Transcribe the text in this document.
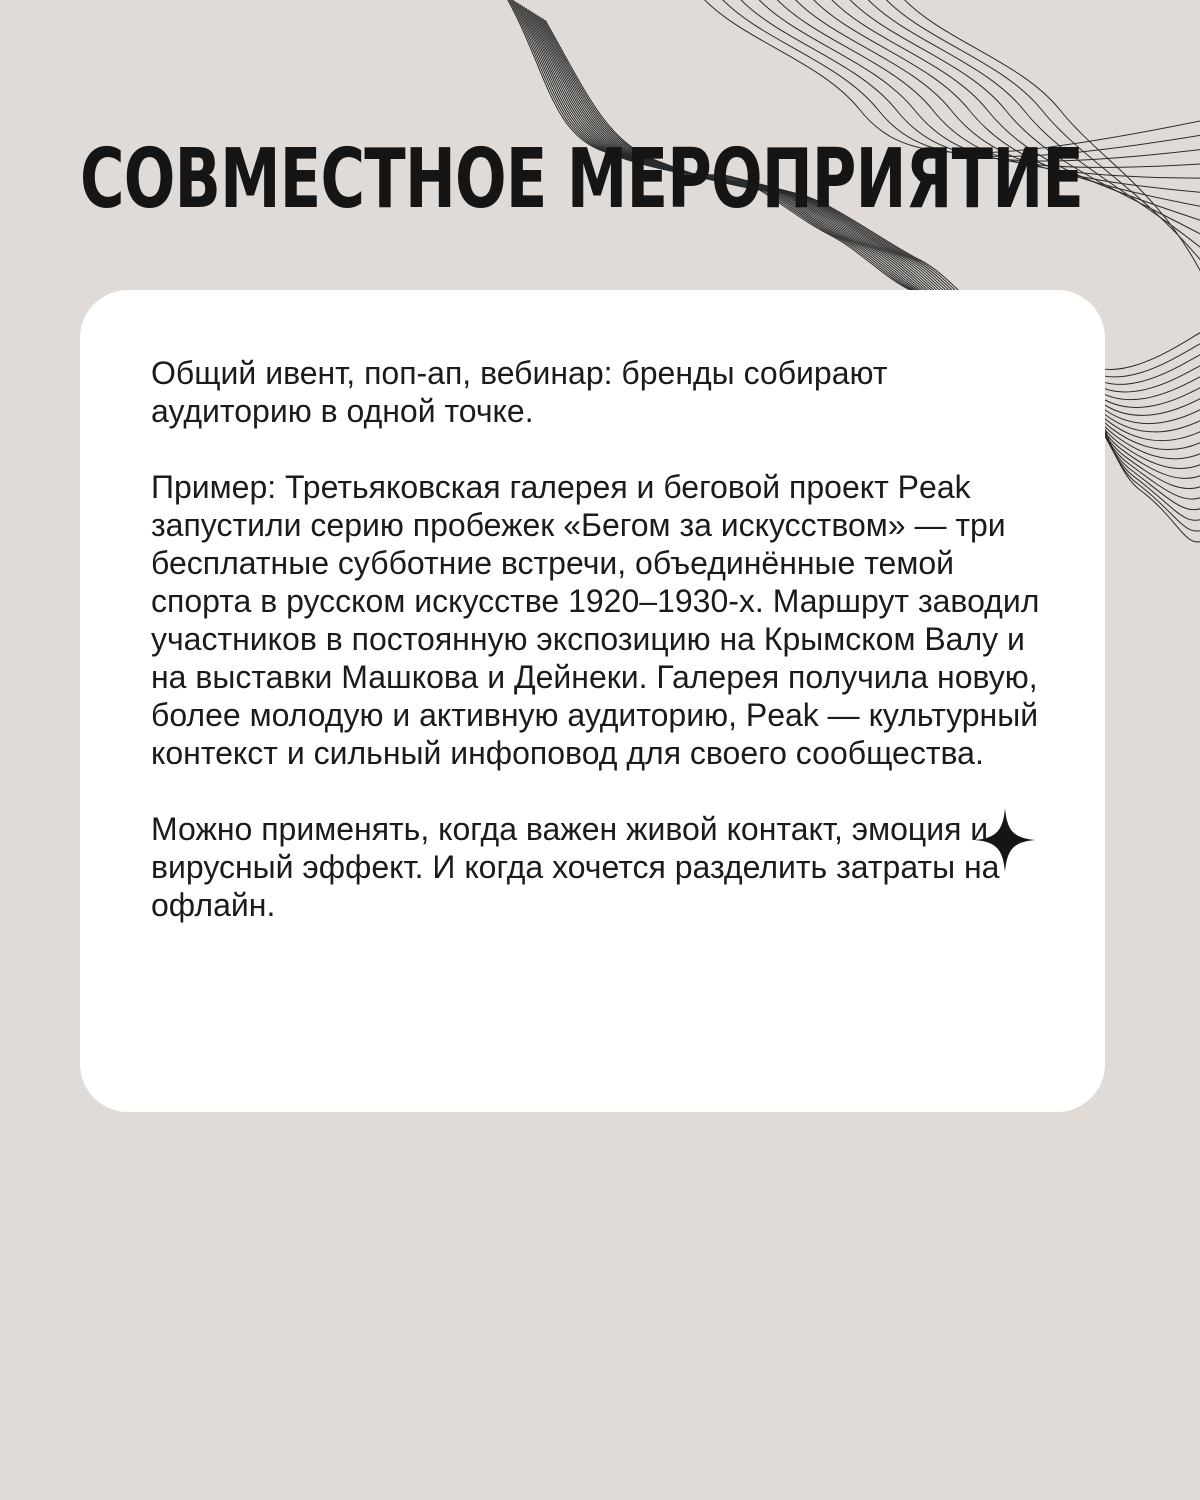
СОВМЕСТНОЕ МЕРОПРИЯТИЕ

Общий ивент, поп-ап, вебинар: бренды собирают аудиторию в одной точке.

Пример: Третьяковская галерея и беговой проект Peak запустили серию пробежек «Бегом за искусством» — три бесплатные субботние встречи, объединённые темой спорта в русском искусстве 1920–1930-х. Маршрут заводил участников в постоянную экспозицию на Крымском Валу и на выставки Машкова и Дейнеки. Галерея получила новую, более молодую и активную аудиторию, Peak — культурный контекст и сильный инфоповод для своего сообщества.

Можно применять, когда важен живой контакт, эмоция и вирусный эффект. И когда хочется разделить затраты на офлайн.
